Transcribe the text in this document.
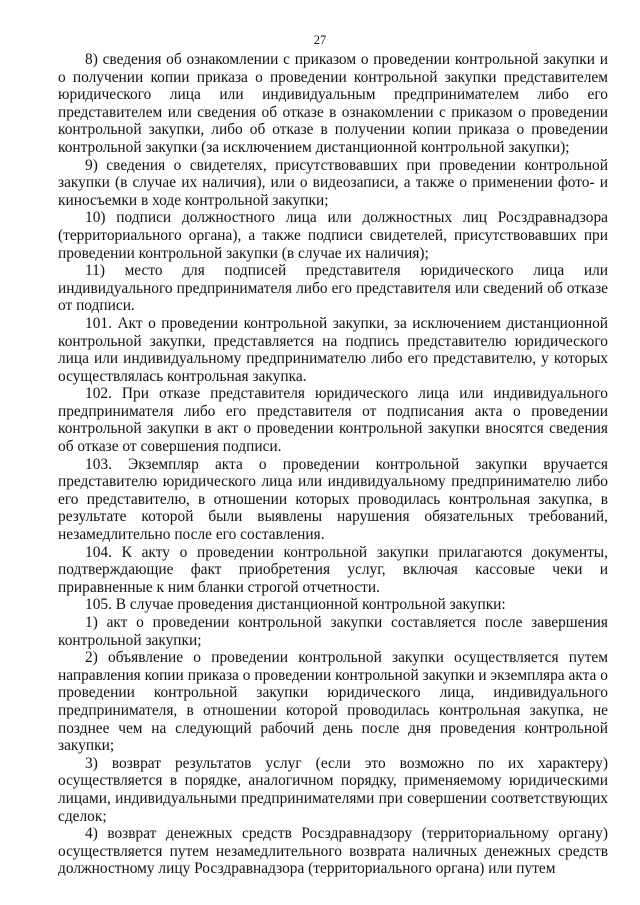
27

8) сведения об ознакомлении с приказом о проведении контрольной закупки и о получении копии приказа о проведении контрольной закупки представителем юридического лица или индивидуальным предпринимателем либо его представителем или сведения об отказе в ознакомлении с приказом о проведении контрольной закупки, либо об отказе в получении копии приказа о проведении контрольной закупки (за исключением дистанционной контрольной закупки);

9) сведения о свидетелях, присутствовавших при проведении контрольной закупки (в случае их наличия), или о видеозаписи, а также о применении фото- и киносъемки в ходе контрольной закупки;

10) подписи должностного лица или должностных лиц Росздравнадзора (территориального органа), а также подписи свидетелей, присутствовавших при проведении контрольной закупки (в случае их наличия);

11) место для подписей представителя юридического лица или индивидуального предпринимателя либо его представителя или сведений об отказе от подписи.

101. Акт о проведении контрольной закупки, за исключением дистанционной контрольной закупки, представляется на подпись представителю юридического лица или индивидуальному предпринимателю либо его представителю, у которых осуществлялась контрольная закупка.

102. При отказе представителя юридического лица или индивидуального предпринимателя либо его представителя от подписания акта о проведении контрольной закупки в акт о проведении контрольной закупки вносятся сведения об отказе от совершения подписи.

103. Экземпляр акта о проведении контрольной закупки вручается представителю юридического лица или индивидуальному предпринимателю либо его представителю, в отношении которых проводилась контрольная закупка, в результате которой были выявлены нарушения обязательных требований, незамедлительно после его составления.

104. К акту о проведении контрольной закупки прилагаются документы, подтверждающие факт приобретения услуг, включая кассовые чеки и приравненные к ним бланки строгой отчетности.

105. В случае проведения дистанционной контрольной закупки:

1) акт о проведении контрольной закупки составляется после завершения контрольной закупки;

2) объявление о проведении контрольной закупки осуществляется путем направления копии приказа о проведении контрольной закупки и экземпляра акта о проведении контрольной закупки юридического лица, индивидуального предпринимателя, в отношении которой проводилась контрольная закупка, не позднее чем на следующий рабочий день после дня проведения контрольной закупки;

3) возврат результатов услуг (если это возможно по их характеру) осуществляется в порядке, аналогичном порядку, применяемому юридическими лицами, индивидуальными предпринимателями при совершении соответствующих сделок;

4) возврат денежных средств Росздравнадзору (территориальному органу) осуществляется путем незамедлительного возврата наличных денежных средств должностному лицу Росздравнадзора (территориального органа) или путем
